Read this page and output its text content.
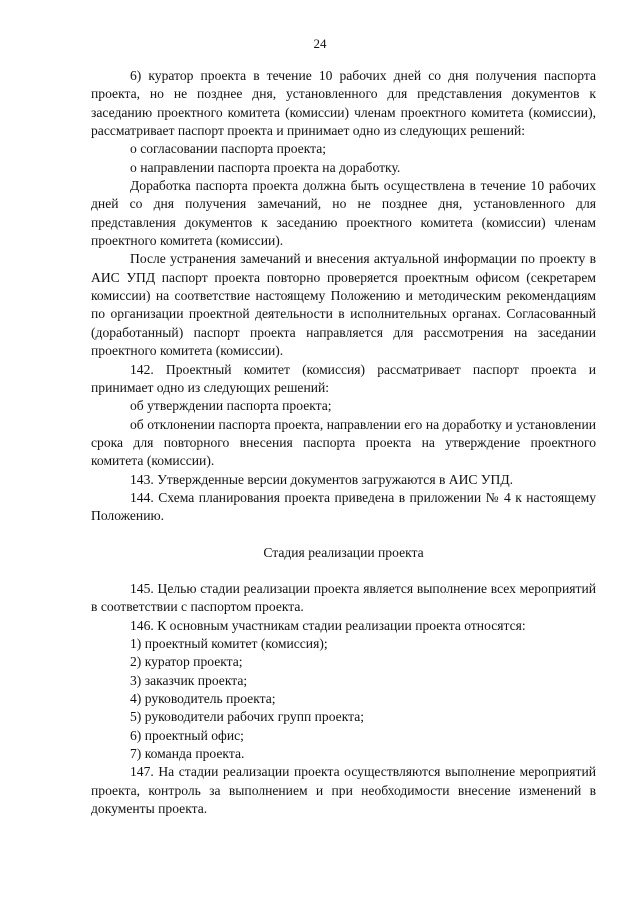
24

6) куратор проекта в течение 10 рабочих дней со дня получения паспорта проекта, но не позднее дня, установленного для представления документов к заседанию проектного комитета (комиссии) членам проектного комитета (комиссии), рассматривает паспорт проекта и принимает одно из следующих решений:

о согласовании паспорта проекта;

о направлении паспорта проекта на доработку.

Доработка паспорта проекта должна быть осуществлена в течение 10 рабочих дней со дня получения замечаний, но не позднее дня, установленного для представления документов к заседанию проектного комитета (комиссии) членам проектного комитета (комиссии).

После устранения замечаний и внесения актуальной информации по проекту в АИС УПД паспорт проекта повторно проверяется проектным офисом (секретарем комиссии) на соответствие настоящему Положению и методическим рекомендациям по организации проектной деятельности в исполнительных органах. Согласованный (доработанный) паспорт проекта направляется для рассмотрения на заседании проектного комитета (комиссии).

142. Проектный комитет (комиссия) рассматривает паспорт проекта и принимает одно из следующих решений:

об утверждении паспорта проекта;

об отклонении паспорта проекта, направлении его на доработку и установлении срока для повторного внесения паспорта проекта на утверждение проектного комитета (комиссии).

143. Утвержденные версии документов загружаются в АИС УПД.

144. Схема планирования проекта приведена в приложении № 4 к настоящему Положению.

Стадия реализации проекта

145. Целью стадии реализации проекта является выполнение всех мероприятий в соответствии с паспортом проекта.

146. К основным участникам стадии реализации проекта относятся:

1) проектный комитет (комиссия);

2) куратор проекта;

3) заказчик проекта;

4) руководитель проекта;

5) руководители рабочих групп проекта;

6) проектный офис;

7) команда проекта.

147. На стадии реализации проекта осуществляются выполнение мероприятий проекта, контроль за выполнением и при необходимости внесение изменений в документы проекта.
